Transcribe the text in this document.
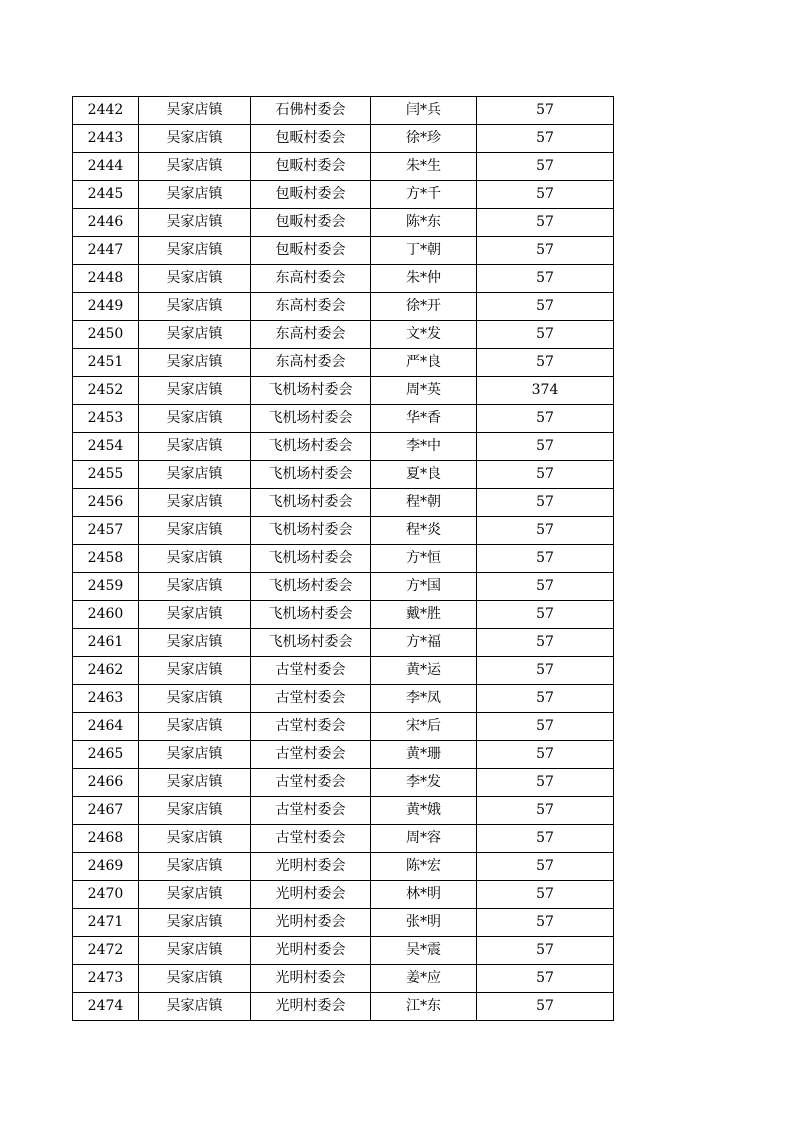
2442	吴家店镇	石佛村委会	闫*兵	57
2443	吴家店镇	包畈村委会	徐*珍	57
2444	吴家店镇	包畈村委会	朱*生	57
2445	吴家店镇	包畈村委会	方*千	57
2446	吴家店镇	包畈村委会	陈*东	57
2447	吴家店镇	包畈村委会	丁*朝	57
2448	吴家店镇	东高村委会	朱*仲	57
2449	吴家店镇	东高村委会	徐*开	57
2450	吴家店镇	东高村委会	文*发	57
2451	吴家店镇	东高村委会	严*良	57
2452	吴家店镇	飞机场村委会	周*英	374
2453	吴家店镇	飞机场村委会	华*香	57
2454	吴家店镇	飞机场村委会	李*中	57
2455	吴家店镇	飞机场村委会	夏*良	57
2456	吴家店镇	飞机场村委会	程*朝	57
2457	吴家店镇	飞机场村委会	程*炎	57
2458	吴家店镇	飞机场村委会	方*恒	57
2459	吴家店镇	飞机场村委会	方*国	57
2460	吴家店镇	飞机场村委会	戴*胜	57
2461	吴家店镇	飞机场村委会	方*福	57
2462	吴家店镇	古堂村委会	黄*运	57
2463	吴家店镇	古堂村委会	李*凤	57
2464	吴家店镇	古堂村委会	宋*后	57
2465	吴家店镇	古堂村委会	黄*珊	57
2466	吴家店镇	古堂村委会	李*发	57
2467	吴家店镇	古堂村委会	黄*娥	57
2468	吴家店镇	古堂村委会	周*容	57
2469	吴家店镇	光明村委会	陈*宏	57
2470	吴家店镇	光明村委会	林*明	57
2471	吴家店镇	光明村委会	张*明	57
2472	吴家店镇	光明村委会	吴*震	57
2473	吴家店镇	光明村委会	姜*应	57
2474	吴家店镇	光明村委会	江*东	57
